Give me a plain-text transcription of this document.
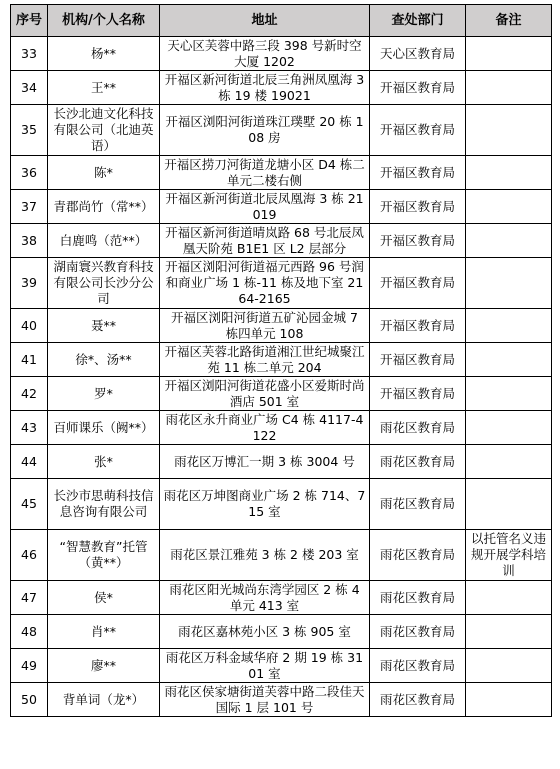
序号	机构/个人名称	地址	查处部门	备注
33	杨**	天心区芙蓉中路三段 398 号新时空大厦 1202	天心区教育局	
34	王**	开福区新河街道北辰三角洲凤凰海 3 栋 19 楼 19021	开福区教育局	
35	长沙北迪文化科技有限公司（北迪英语）	开福区浏阳河街道珠江璞墅 20 栋 108 房	开福区教育局	
36	陈*	开福区捞刀河街道龙塘小区 D4 栋二单元二楼右侧	开福区教育局	
37	青郡尚竹（常**）	开福区新河街道北辰凤凰海 3 栋 21019	开福区教育局	
38	白鹿鸣（范**）	开福区新河街道晴岚路 68 号北辰凤凰天阶苑 B1E1 区 L2 层部分	开福区教育局	
39	湖南寰兴教育科技有限公司长沙分公司	开福区浏阳河街道福元西路 96 号润和商业广场 1 栋-11 栋及地下室 2164-2165	开福区教育局	
40	聂**	开福区浏阳河街道五矿沁园金城 7 栋四单元 108	开福区教育局	
41	徐*、汤**	开福区芙蓉北路街道湘江世纪城聚江苑 11 栋二单元 204	开福区教育局	
42	罗*	开福区浏阳河街道花盛小区爱斯时尚酒店 501 室	开福区教育局	
43	百师课乐（阙**）	雨花区永升商业广场 C4 栋 4117-4122	雨花区教育局	
44	张*	雨花区万博汇一期 3 栋 3004 号	雨花区教育局	
45	长沙市思萌科技信息咨询有限公司	雨花区万坤图商业广场 2 栋 714、715 室	雨花区教育局	
46	“智慧教育”托管（黄**）	雨花区景江雅苑 3 栋 2 楼 203 室	雨花区教育局	以托管名义违规开展学科培训
47	侯*	雨花区阳光城尚东湾学园区 2 栋 4 单元 413 室	雨花区教育局	
48	肖**	雨花区嘉林苑小区 3 栋 905 室	雨花区教育局	
49	廖**	雨花区万科金域华府 2 期 19 栋 3101 室	雨花区教育局	
50	背单词（龙*）	雨花区侯家塘街道芙蓉中路二段佳天国际 1 层 101 号	雨花区教育局	
